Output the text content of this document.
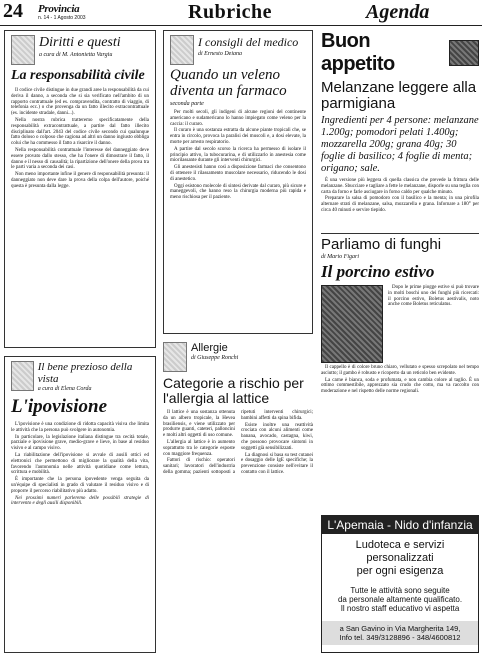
24 Provincia
n. 14 - 1 Agosto 2003	Rubriche	Agenda
Diritti e questi
a cura di M. Antonietta Vargiu
La responsabilità civile

Il codice civile distingue in due grandi aree la responsabilità da cui deriva il danno, a seconda che si sia verificato nell'ambito di un rapporto contrattuale (ed es. compravendita, contratto di viaggio, di telefonia ecc.) o che provenga da un fatto illecito extracontrattuale (es. incidente stradale, danni...).

Nella nostra rubrica tratteremo specificatamente della responsabilità extracontrattuale, a partire dal fatto illecito disciplinato dall'art. 2043 del codice civile secondo cui qualunque fatto doloso o colposo che cagiona ad altri un danno ingiusto obbliga colui che ha commesso il fatto a risarcire il danno.

Nella responsabilità contrattuale l'interesse del danneggiato deve essere provato dallo stesso, che ha l'onere di dimostrare il fatto, il danno e il nesso di causalità; la ripartizione dell'onere della prova tra le parti varia a seconda dei casi.

Non meno importante infine il genere di responsabilità presunta: il danneggiato non deve dare la prova della colpa dell'autore, poiché questa è presunta dalla legge.

Il bene prezioso della vista
a cura di Elena Corda
L'ipovisione

L'ipovisione è una condizione di ridotta capacità visiva che limita le attività che la persona può svolgere in autonomia.

In particolare, la legislazione italiana distingue tra cecità totale, parziale e ipovisione grave, medio-grave e lieve, in base al residuo visivo e al campo visivo.

La riabilitazione dell'ipovisione si avvale di ausili ottici ed elettronici che permettono di migliorare la qualità della vita, favorendo l'autonomia nelle attività quotidiane come lettura, scrittura e mobilità.

È importante che la persona ipovedente venga seguita da un'équipe di specialisti in grado di valutare il residuo visivo e di proporre il percorso riabilitativo più adatto.

Nei prossimi numeri parleremo delle possibili strategie di intervento e degli ausili disponibili.

I consigli del medico
di Ernesto Deiana
Quando un veleno diventa un farmaco
seconda parte

Per molti secoli, gli indigeni di alcune regioni del continente americano e sudamericano lo hanno impiegato come veleno per la caccia: il curaro.

Il curaro è una sostanza estratta da alcune piante tropicali che, se entra in circolo, provoca la paralisi dei muscoli e, a dosi elevate, la morte per arresto respiratorio.

A partire dal secolo scorso la ricerca ha permesso di isolare il principio attivo, la tubocurarina, e di utilizzarlo in anestesia come miorilassante durante gli interventi chirurgici.

Gli anestesisti hanno così a disposizione farmaci che consentono di ottenere il rilassamento muscolare necessario, riducendo le dosi di anestetico.

Oggi esistono molecole di sintesi derivate dal curaro, più sicure e maneggevoli, che hanno reso la chirurgia moderna più rapida e meno rischiosa per il paziente.

Allergie
di Giuseppe Ronchi
Categorie a rischio per l'allergia al lattice

Il lattice è una sostanza ottenuta da un albero tropicale, la Hevea brasiliensis, e viene utilizzato per produrre guanti, cateteri, palloncini e molti altri oggetti di uso comune.

L'allergia al lattice è in aumento soprattutto tra le categorie esposte con maggiore frequenza.

Fattori di rischio: operatori sanitari; lavoratori dell'industria della gomma; pazienti sottoposti a ripetuti interventi chirurgici; bambini affetti da spina bifida.

Esiste inoltre una reattività crociata con alcuni alimenti come banana, avocado, castagna, kiwi, che possono provocare sintomi in soggetti già sensibilizzati.

La diagnosi si basa su test cutanei e dosaggio delle IgE specifiche; la prevenzione consiste nell'evitare il contatto con il lattice.

Buon appetito
Melanzane leggere alla parmigiana
Ingredienti per 4 persone: melanzane 1.200g; pomodori pelati 1.400g; mozzarella 200g; grana 40g; 30 foglie di basilico; 4 foglie di menta; origano; sale.

È una versione più leggera di quella classica che prevede la frittura delle melanzane. Sbucciare e tagliare a fette le melanzane, disporle su una teglia con carta da forno e farle asciugare in forno caldo per qualche minuto.

Preparare la salsa di pomodoro con il basilico e la menta; in una pirofila alternare strati di melanzane, salsa, mozzarella e grana. Infornare a 180° per circa 40 minuti e servire tiepido.

Parliamo di funghi
di Mario Figari
Il porcino estivo

Dopo le prime piogge estive si può trovare in molti boschi uno dei funghi più ricercati: il porcino estivo, Boletus aestivalis, noto anche come Boletus reticulatus.

Il cappello è di colore bruno chiaro, vellutato e spesso screpolato nel tempo asciutto; il gambo è robusto e ricoperto da un reticolo ben evidente.

La carne è bianca, soda e profumata, e non cambia colore al taglio. È un ottimo commestibile, apprezzato sia crudo che cotto, ma va raccolto con moderazione e nel rispetto delle norme regionali.

L'Apemaia - Nido d'infanzia
Ludoteca e servizi personalizzati
per ogni esigenza
Tutte le attività sono seguite
da personale altamente qualificato.
Il nostro staff educativo vi aspetta
a San Gavino in Via Margherita 149,
Info tel. 349/3128896 - 348/4600812
